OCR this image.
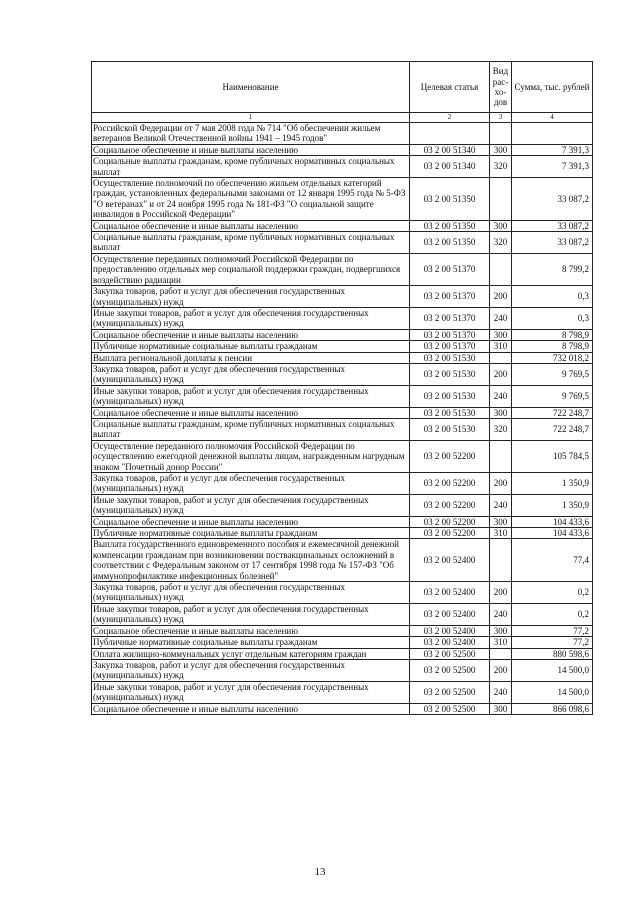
Наименование	Целевая статья	Вид рас-хо-дов	Сумма, тыс. рублей
1	2	3	4
Российской Федерации от 7 мая 2008 года № 714 "Об обеспечении жильем ветеранов Великой Отечественной войны 1941 – 1945 годов"			
Социальное обеспечение и иные выплаты населению	03 2 00 51340	300	7 391,3
Социальные выплаты гражданам, кроме публичных нормативных социальных выплат	03 2 00 51340	320	7 391,3
Осуществление полномочий по обеспечению жильем отдельных категорий граждан, установленных федеральными законами от 12 января 1995 года № 5-ФЗ "О ветеранах" и от 24 ноября 1995 года № 181-ФЗ "О социальной защите инвалидов в Российской Федерации"	03 2 00 51350		33 087,2
Социальное обеспечение и иные выплаты населению	03 2 00 51350	300	33 087,2
Социальные выплаты гражданам, кроме публичных нормативных социальных выплат	03 2 00 51350	320	33 087,2
Осуществление переданных полномочий Российской Федерации по предоставлению отдельных мер социальной поддержки граждан, подвергшихся воздействию радиации	03 2 00 51370		8 799,2
Закупка товаров, работ и услуг для обеспечения государственных (муниципальных) нужд	03 2 00 51370	200	0,3
Иные закупки товаров, работ и услуг для обеспечения государственных (муниципальных) нужд	03 2 00 51370	240	0,3
Социальное обеспечение и иные выплаты населению	03 2 00 51370	300	8 798,9
Публичные нормативные социальные выплаты гражданам	03 2 00 51370	310	8 798,9
Выплата региональной доплаты к пенсии	03 2 00 51530		732 018,2
Закупка товаров, работ и услуг для обеспечения государственных (муниципальных) нужд	03 2 00 51530	200	9 769,5
Иные закупки товаров, работ и услуг для обеспечения государственных (муниципальных) нужд	03 2 00 51530	240	9 769,5
Социальное обеспечение и иные выплаты населению	03 2 00 51530	300	722 248,7
Социальные выплаты гражданам, кроме публичных нормативных социальных выплат	03 2 00 51530	320	722 248,7
Осуществление переданного полномочия Российской Федерации по осуществлению ежегодной денежной выплаты лицам, награжденным нагрудным знаком "Почетный донор России"	03 2 00 52200		105 784,5
Закупка товаров, работ и услуг для обеспечения государственных (муниципальных) нужд	03 2 00 52200	200	1 350,9
Иные закупки товаров, работ и услуг для обеспечения государственных (муниципальных) нужд	03 2 00 52200	240	1 350,9
Социальное обеспечение и иные выплаты населению	03 2 00 52200	300	104 433,6
Публичные нормативные социальные выплаты гражданам	03 2 00 52200	310	104 433,6
Выплата государственного единовременного пособия и ежемесячной денежной компенсации гражданам при возникновении поствакцинальных осложнений в соответствии с Федеральным законом от 17 сентября 1998 года № 157-ФЗ "Об иммунопрофилактике инфекционных болезней"	03 2 00 52400		77,4
Закупка товаров, работ и услуг для обеспечения государственных (муниципальных) нужд	03 2 00 52400	200	0,2
Иные закупки товаров, работ и услуг для обеспечения государственных (муниципальных) нужд	03 2 00 52400	240	0,2
Социальное обеспечение и иные выплаты населению	03 2 00 52400	300	77,2
Публичные нормативные социальные выплаты гражданам	03 2 00 52400	310	77,2
Оплата жилищно-коммунальных услуг отдельным категориям граждан	03 2 00 52500		880 598,6
Закупка товаров, работ и услуг для обеспечения государственных (муниципальных) нужд	03 2 00 52500	200	14 500,0
Иные закупки товаров, работ и услуг для обеспечения государственных (муниципальных) нужд	03 2 00 52500	240	14 500,0
Социальное обеспечение и иные выплаты населению	03 2 00 52500	300	866 098,6
13
